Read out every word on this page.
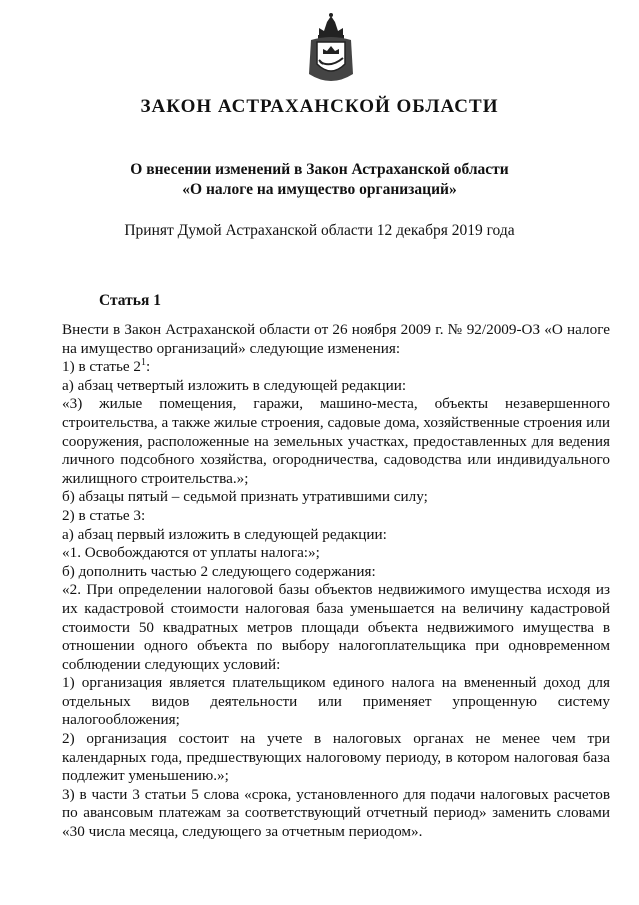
ЗАКОН АСТРАХАНСКОЙ ОБЛАСТИ
О внесении изменений в Закон Астраханской области
«О налоге на имущество организаций»
Принят Думой Астраханской области 12 декабря 2019 года
Статья 1

Внести в Закон Астраханской области от 26 ноября 2009 г. № 92/2009-ОЗ «О налоге на имущество организаций» следующие изменения:

1) в статье $2^1$:

а) абзац четвертый изложить в следующей редакции:

«3) жилые помещения, гаражи, машино-места, объекты незавершенного строительства, а также жилые строения, садовые дома, хозяйственные строения или сооружения, расположенные на земельных участках, предоставленных для ведения личного подсобного хозяйства, огородничества, садоводства или индивидуального жилищного строительства.»;

б) абзацы пятый – седьмой признать утратившими силу;

2) в статье 3:

а) абзац первый изложить в следующей редакции:

«1. Освобождаются от уплаты налога:»;

б) дополнить частью 2 следующего содержания:

«2. При определении налоговой базы объектов недвижимого имущества исходя из их кадастровой стоимости налоговая база уменьшается на величину кадастровой стоимости 50 квадратных метров площади объекта недвижимого имущества в отношении одного объекта по выбору налогоплательщика при одновременном соблюдении следующих условий:

1) организация является плательщиком единого налога на вмененный доход для отдельных видов деятельности или применяет упрощенную систему налогообложения;

2) организация состоит на учете в налоговых органах не менее чем три календарных года, предшествующих налоговому периоду, в котором налоговая база подлежит уменьшению.»;

3) в части 3 статьи 5 слова «срока, установленного для подачи налоговых расчетов по авансовым платежам за соответствующий отчетный период» заменить словами «30 числа месяца, следующего за отчетным периодом».
